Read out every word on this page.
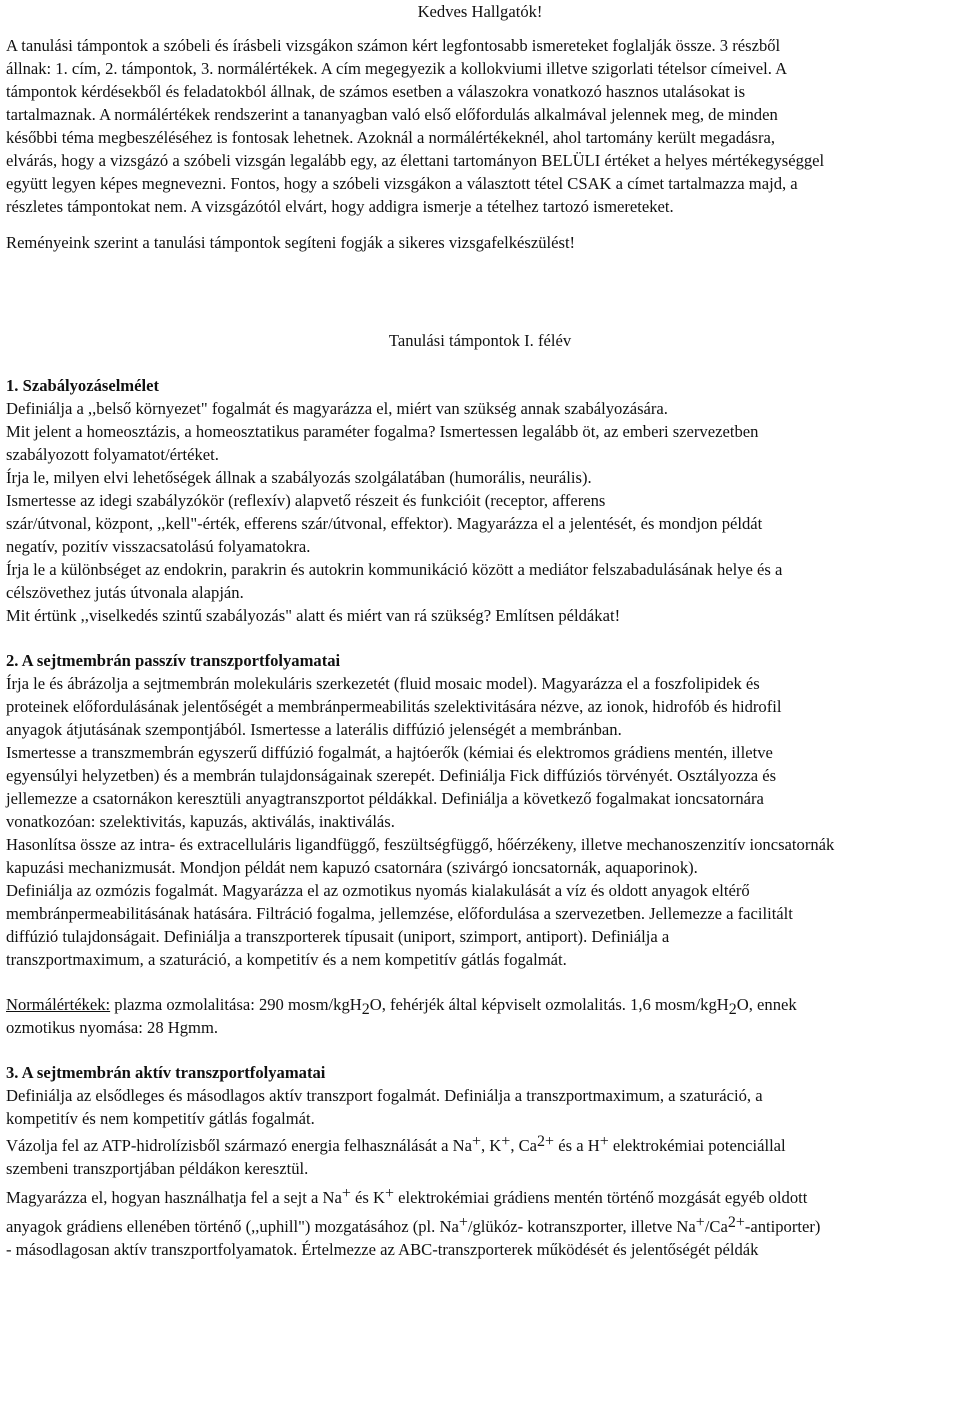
Kedves Hallgatók!

A tanulási támpontok a szóbeli és írásbeli vizsgákon számon kért legfontosabb ismereteket foglalják össze. 3 részből
állnak: 1. cím, 2. támpontok, 3. normálértékek. A cím megegyezik a kollokviumi illetve szigorlati tételsor címeivel. A
támpontok kérdésekből és feladatokból állnak, de számos esetben a válaszokra vonatkozó hasznos utalásokat is
tartalmaznak. A normálértékek rendszerint a tananyagban való első előfordulás alkalmával jelennek meg, de minden
későbbi téma megbeszéléséhez is fontosak lehetnek. Azoknál a normálértékeknél, ahol tartomány került megadásra,
elvárás, hogy a vizsgázó a szóbeli vizsgán legalább egy, az élettani tartományon BELÜLI értéket a helyes mértékegységgel
együtt legyen képes megnevezni. Fontos, hogy a szóbeli vizsgákon a választott tétel CSAK a címet tartalmazza majd, a
részletes támpontokat nem. A vizsgázótól elvárt, hogy addigra ismerje a tételhez tartozó ismereteket.

Reményeink szerint a tanulási támpontok segíteni fogják a sikeres vizsgafelkészülést!

Tanulási támpontok I. félév

1. Szabályozáselmélet
Definiálja a ,,belső környezet" fogalmát és magyarázza el, miért van szükség annak szabályozására.
Mit jelent a homeosztázis, a homeosztatikus paraméter fogalma? Ismertessen legalább öt, az emberi szervezetben
szabályozott folyamatot/értéket.
Írja le, milyen elvi lehetőségek állnak a szabályozás szolgálatában (humorális, neurális).
Ismertesse az idegi szabályzókör (reflexív) alapvető részeit és funkcióit (receptor, afferens
szár/útvonal, központ, ,,kell"-érték, efferens szár/útvonal, effektor). Magyarázza el a jelentését, és mondjon példát
negatív, pozitív visszacsatolású folyamatokra.
Írja le a különbséget az endokrin, parakrin és autokrin kommunikáció között a mediátor felszabadulásának helye és a
célszövethez jutás útvonala alapján.
Mit értünk ,,viselkedés szintű szabályozás" alatt és miért van rá szükség? Említsen példákat!
2. A sejtmembrán passzív transzportfolyamatai
Írja le és ábrázolja a sejtmembrán molekuláris szerkezetét (fluid mosaic model). Magyarázza el a foszfolipidek és
proteinek előfordulásának jelentőségét a membránpermeabilitás szelektivitására nézve, az ionok, hidrofób és hidrofil
anyagok átjutásának szempontjából. Ismertesse a laterális diffúzió jelenségét a membránban.
Ismertesse a transzmembrán egyszerű diffúzió fogalmát, a hajtóerők (kémiai és elektromos grádiens mentén, illetve
egyensúlyi helyzetben) és a membrán tulajdonságainak szerepét. Definiálja Fick diffúziós törvényét. Osztályozza és
jellemezze a csatornákon keresztüli anyagtranszportot példákkal. Definiálja a következő fogalmakat ioncsatornára
vonatkozóan: szelektivitás, kapuzás, aktiválás, inaktiválás.
Hasonlítsa össze az intra- és extracelluláris ligandfüggő, feszültségfüggő, hőérzékeny, illetve mechanoszenzitív ioncsatornák
kapuzási mechanizmusát. Mondjon példát nem kapuzó csatornára (szivárgó ioncsatornák, aquaporinok).
Definiálja az ozmózis fogalmát. Magyarázza el az ozmotikus nyomás kialakulását a víz és oldott anyagok eltérő
membránpermeabilitásának hatására. Filtráció fogalma, jellemzése, előfordulása a szervezetben. Jellemezze a facilitált
diffúzió tulajdonságait. Definiálja a transzporterek típusait (uniport, szimport, antiport). Definiálja a
transzportmaximum, a szaturáció, a kompetitív és a nem kompetitív gátlás fogalmát.
Normálértékek: plazma ozmolalitása: 290 mosm/kgH$_2$O, fehérjék által képviselt ozmolalitás. 1,6 mosm/kgH$_2$O, ennek
ozmotikus nyomása: 28 Hgmm.
3. A sejtmembrán aktív transzportfolyamatai
Definiálja az elsődleges és másodlagos aktív transzport fogalmát. Definiálja a transzportmaximum, a szaturáció, a
kompetitív és nem kompetitív gátlás fogalmát.
Vázolja fel az ATP-hidrolízisből származó energia felhasználását a Na+, K+, $Ca^{2+}$ és a H+ elektrokémiai potenciállal
szembeni transzportjában példákon keresztül.
Magyarázza el, hogyan használhatja fel a sejt a Na+ és K+ elektrokémiai grádiens mentén történő mozgását egyéb oldott
anyagok grádiens ellenében történő (,,uphill") mozgatásához (pl. Na+/glükóz- kotranszporter, illetve $Na^+/Ca^{2+}-antiporter$)
- másodlagosan aktív transzportfolyamatok. Értelmezze az ABC-transzporterek működését és jelentőségét példák
